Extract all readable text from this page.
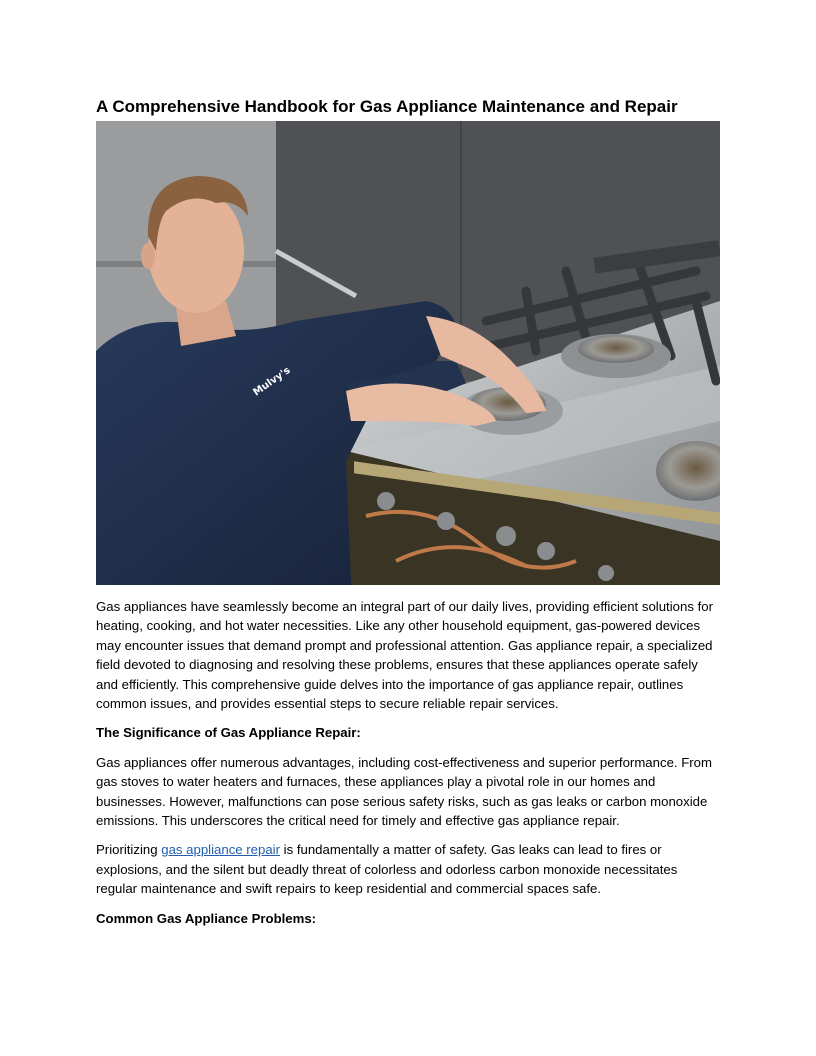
A Comprehensive Handbook for Gas Appliance Maintenance and Repair
Mulvy's

Gas appliances have seamlessly become an integral part of our daily lives, providing efficient solutions for heating, cooking, and hot water necessities. Like any other household equipment, gas-powered devices may encounter issues that demand prompt and professional attention. Gas appliance repair, a specialized field devoted to diagnosing and resolving these problems, ensures that these appliances operate safely and efficiently. This comprehensive guide delves into the importance of gas appliance repair, outlines common issues, and provides essential steps to secure reliable repair services.

The Significance of Gas Appliance Repair:

Gas appliances offer numerous advantages, including cost-effectiveness and superior performance. From gas stoves to water heaters and furnaces, these appliances play a pivotal role in our homes and businesses. However, malfunctions can pose serious safety risks, such as gas leaks or carbon monoxide emissions. This underscores the critical need for timely and effective gas appliance repair.

Prioritizing gas appliance repair is fundamentally a matter of safety. Gas leaks can lead to fires or explosions, and the silent but deadly threat of colorless and odorless carbon monoxide necessitates regular maintenance and swift repairs to keep residential and commercial spaces safe.

Common Gas Appliance Problems:
